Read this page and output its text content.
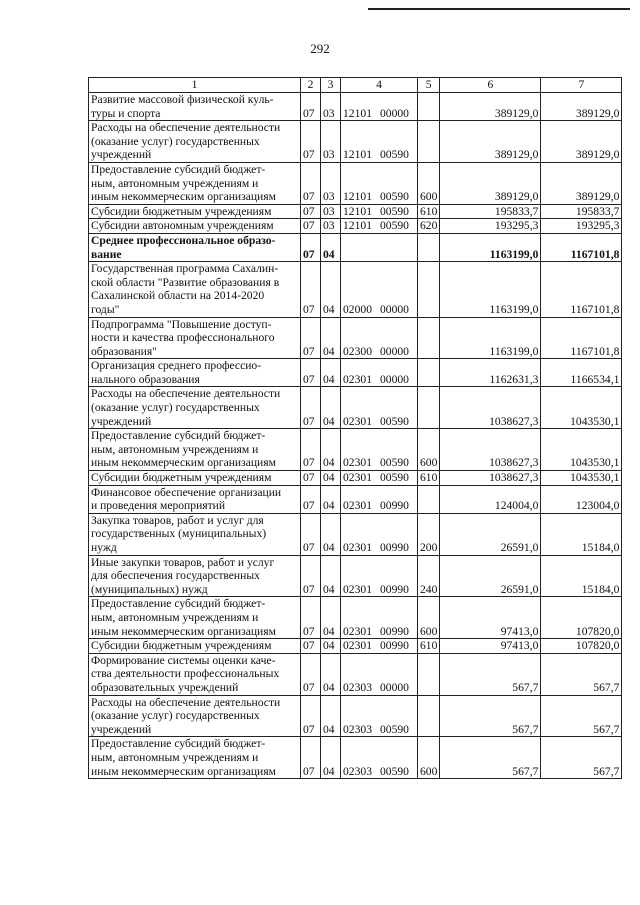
292
1	2	3	4	5	6	7

Развитие массовой физической куль-
туры и спорта	07	03	12101 00000		389129,0	389129,0

Расходы на обеспечение деятельности
(оказание услуг) государственных
учреждений	07	03	12101 00590		389129,0	389129,0

Предоставление субсидий бюджет-
ным, автономным учреждениям и
иным некоммерческим организациям	07	03	12101 00590	600	389129,0	389129,0

Субсидии бюджетным учреждениям	07	03	12101 00590	610	195833,7	195833,7

Субсидии автономным учреждениям	07	03	12101 00590	620	193295,3	193295,3

Среднее профессиональное образо-
вание	07	04			1163199,0	1167101,8

Государственная программа Сахалин-
ской области "Развитие образования в
Сахалинской области на 2014-2020
годы"	07	04	02000 00000		1163199,0	1167101,8

Подпрограмма "Повышение доступ-
ности и качества профессионального
образования"	07	04	02300 00000		1163199,0	1167101,8

Организация среднего профессио-
нального образования	07	04	02301 00000		1162631,3	1166534,1

Расходы на обеспечение деятельности
(оказание услуг) государственных
учреждений	07	04	02301 00590		1038627,3	1043530,1

Предоставление субсидий бюджет-
ным, автономным учреждениям и
иным некоммерческим организациям	07	04	02301 00590	600	1038627,3	1043530,1

Субсидии бюджетным учреждениям	07	04	02301 00590	610	1038627,3	1043530,1

Финансовое обеспечение организации
и проведения мероприятий	07	04	02301 00990		124004,0	123004,0

Закупка товаров, работ и услуг для
государственных (муниципальных)
нужд	07	04	02301 00990	200	26591,0	15184,0

Иные закупки товаров, работ и услуг
для обеспечения государственных
(муниципальных) нужд	07	04	02301 00990	240	26591,0	15184,0

Предоставление субсидий бюджет-
ным, автономным учреждениям и
иным некоммерческим организациям	07	04	02301 00990	600	97413,0	107820,0

Субсидии бюджетным учреждениям	07	04	02301 00990	610	97413,0	107820,0

Формирование системы оценки каче-
ства деятельности профессиональных
образовательных учреждений	07	04	02303 00000		567,7	567,7

Расходы на обеспечение деятельности
(оказание услуг) государственных
учреждений	07	04	02303 00590		567,7	567,7

Предоставление субсидий бюджет-
ным, автономным учреждениям и
иным некоммерческим организациям	07	04	02303 00590	600	567,7	567,7
